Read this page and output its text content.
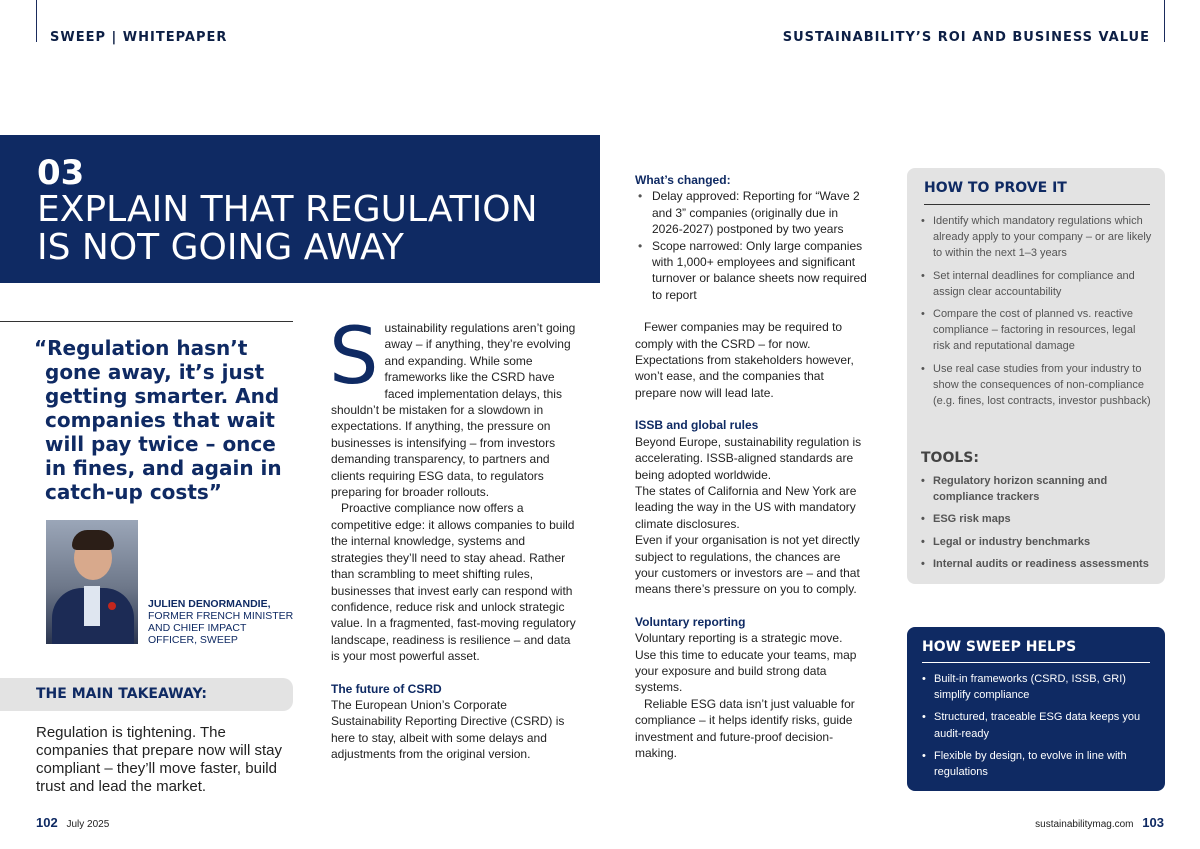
SWEEP | WHITEPAPER	SUSTAINABILITY’S ROI AND BUSINESS VALUE
03
EXPLAIN THAT REGULATION IS NOT GOING AWAY
“Regulation hasn’t gone away, it’s just getting smarter. And companies that wait will pay twice – once in fines, and again in catch-up costs”
JULIEN DENORMANDIE,
FORMER FRENCH MINISTER AND CHIEF IMPACT OFFICER, SWEEP
THE MAIN TAKEAWAY:
Regulation is tightening. The companies that prepare now will stay compliant – they’ll move faster, build trust and lead the market.
S ustainability regulations aren’t going away – if anything, they’re evolving and expanding. While some frameworks like the CSRD have faced implementation delays, this shouldn’t be mistaken for a slowdown in expectations. If anything, the pressure on businesses is intensifying – from investors demanding transparency, to partners and clients requiring ESG data, to regulators preparing for broader rollouts.

Proactive compliance now offers a competitive edge: it allows companies to build the internal knowledge, systems and strategies they’ll need to stay ahead. Rather than scrambling to meet shifting rules, businesses that invest early can respond with confidence, reduce risk and unlock strategic value. In a fragmented, fast-moving regulatory landscape, readiness is resilience – and data is your most powerful asset.

The future of CSRD

The European Union’s Corporate Sustainability Reporting Directive (CSRD) is here to stay, albeit with some delays and adjustments from the original version.

What’s changed:
• Delay approved: Reporting for “Wave 2 and 3” companies (originally due in 2026-2027) postponed by two years
• Scope narrowed: Only large companies with 1,000+ employees and significant turnover or balance sheets now required to report

Fewer companies may be required to comply with the CSRD – for now. Expectations from stakeholders however, won’t ease, and the companies that prepare now will lead late.

ISSB and global rules

Beyond Europe, sustainability regulation is accelerating. ISSB-aligned standards are being adopted worldwide.

The states of California and New York are leading the way in the US with mandatory climate disclosures.

Even if your organisation is not yet directly subject to regulations, the chances are your customers or investors are – and that means there’s pressure on you to comply.

Voluntary reporting

Voluntary reporting is a strategic move. Use this time to educate your teams, map your exposure and build strong data systems.

Reliable ESG data isn’t just valuable for compliance – it helps identify risks, guide investment and future-proof decision-making.

HOW TO PROVE IT
• Identify which mandatory regulations which already apply to your company – or are likely to within the next 1–3 years
• Set internal deadlines for compliance and assign clear accountability
• Compare the cost of planned vs. reactive compliance – factoring in resources, legal risk and reputational damage
• Use real case studies from your industry to show the consequences of non-compliance (e.g. fines, lost contracts, investor pushback)
TOOLS:
• Regulatory horizon scanning and compliance trackers
• ESG risk maps
• Legal or industry benchmarks
• Internal audits or readiness assessments
HOW SWEEP HELPS
• Built-in frameworks (CSRD, ISSB, GRI) simplify compliance
• Structured, traceable ESG data keeps you audit-ready
• Flexible by design, to evolve in line with regulations
102 July 2025	sustainabilitymag.com 103
